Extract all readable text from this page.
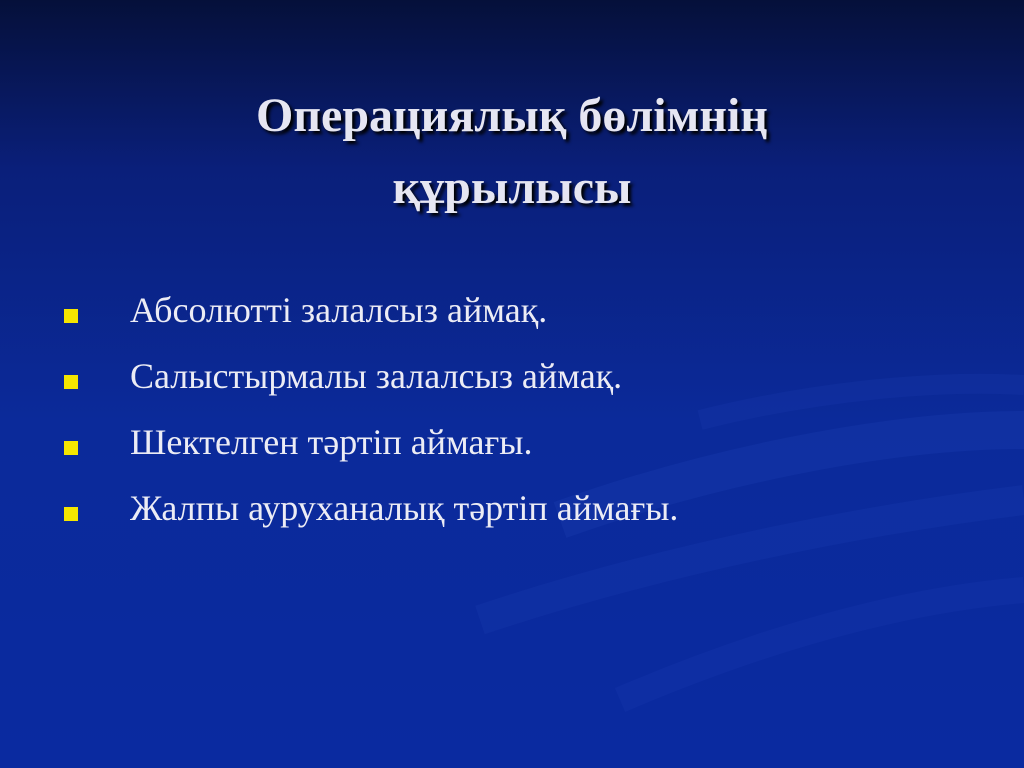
Операциялық бөлімнің
құрылысы
Абсолютті залалсыз аймақ.
Салыстырмалы залалсыз аймақ.
Шектелген тәртіп аймағы.
Жалпы ауруханалық тәртіп аймағы.
